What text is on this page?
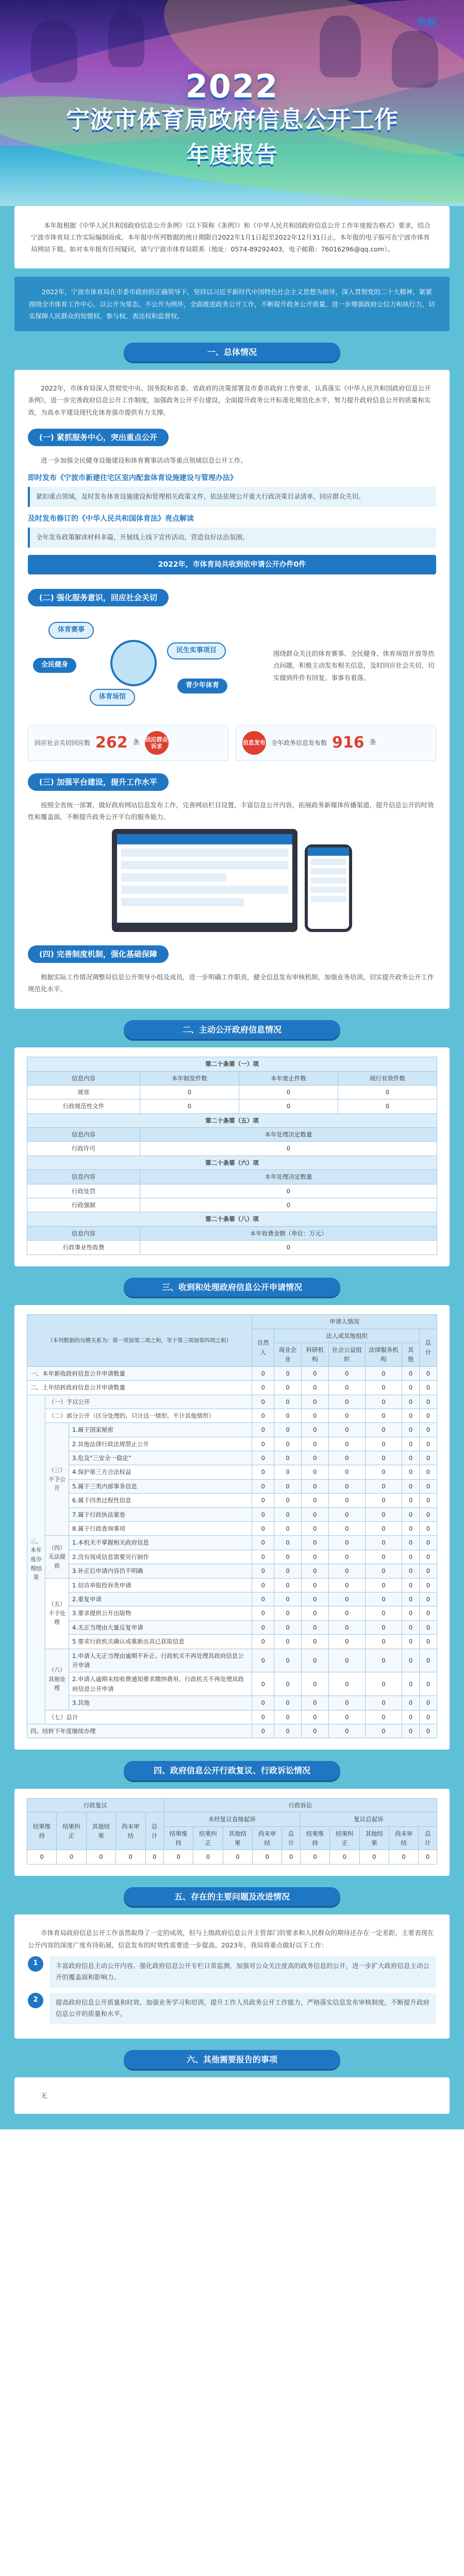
图解
2022
宁波市体育局政府信息公开工作
年度报告
本年报根据《中华人民共和国政府信息公开条例》（以下简称《条例》）和《中华人民共和国政府信息公开工作年度报告格式》要求，结合宁波市体育局工作实际编制而成。本年报中所列数据的统计期限自2022年1月1日起至2022年12月31日止。本年报的电子版可在宁波市体育局网站下载。如对本年报有任何疑问，请与宁波市体育局联系（地址：0574-89292403，电子邮箱：76016296@qq.com）。
2022年，宁波市体育局在市委市政府的正确领导下，坚持以习近平新时代中国特色社会主义思想为指导，深入贯彻党的二十大精神，紧紧围绕全市体育工作中心，以公开为常态、不公开为例外，全面推进政务公开工作，不断提升政务公开质量，进一步增强政府公信力和执行力，切实保障人民群众的知情权、参与权、表达权和监督权。
一、总体情况
2022年，市体育局深入贯彻党中央、国务院和省委、省政府的决策部署及市委市政府工作要求，认真落实《中华人民共和国政府信息公开条例》，进一步完善政府信息公开工作制度，加强政务公开平台建设，全面提升政务公开标准化规范化水平，努力提升政府信息公开的质量和实效，为高水平建设现代化体育强市提供有力支撑。
(一) 紧抓服务中心，突出重点公开
进一步加强全民健身设施建设和体育赛事活动等重点领域信息公开工作。
即时发布《宁波市新建住宅区室内配套体育设施建设与管理办法》
紧扣重点领域，及时发布体育设施建设和管理相关政策文件，依法依规公开重大行政决策目录清单，回应群众关切。
及时发布修订的《中华人民共和国体育法》亮点解读
全年发布政策解读材料多篇，开展线上线下宣传活动，营造良好法治氛围。
2022年，市体育局共收到依申请公开办件0件
(二) 强化服务意识，回应社会关切
体育赛事
全民健身
民生实事项目
体育场馆
青少年体育
围绕群众关注的体育赛事、全民健身、体育场馆开放等热点问题，积极主动发布相关信息，及时回应社会关切，切实做到件件有回复、事事有着落。
回应社会关切回应数 262 条 回应群众诉求
信息发布 全年政务信息发布数 916 条
(三) 加强平台建设，提升工作水平
按照全省统一部署，做好政府网站信息发布工作，完善网站栏目设置，丰富信息公开内容，拓展政务新媒体传播渠道，提升信息公开的时效性和覆盖面，不断提升政务公开平台的服务能力。
(四) 完善制度机制，强化基础保障
根据实际工作情况调整局信息公开领导小组及成员，进一步明确工作职责，健全信息发布审核机制，加强业务培训，切实提升政务公开工作规范化水平。
二、主动公开政府信息情况
第二十条第（一）项			
信息内容	本年制发件数	本年废止件数	现行有效件数
规章	0	0	0
行政规范性文件	0	0	0
第二十条第（五）项			
信息内容	本年处理决定数量		
行政许可	0		
第二十条第（六）项			
信息内容	本年处理决定数量		
行政处罚	0		
行政强制	0		
第二十条第（八）项			
信息内容	本年收费金额（单位：万元）		
行政事业性收费	0		
三、收到和处理政府信息公开申请情况
（本列数据的勾稽关系为：第一项加第二项之和，等于第三项加第四项之和）			申请人情况						
			自然人	法人或其他组织					总计
				商业企业	科研机构	社会公益组织	法律服务机构	其他	
一、本年新收政府信息公开申请数量			0	0	0	0	0	0	0
二、上年结转政府信息公开申请数量			0	0	0	0	0	0	0
三、本年度办理结果	（一）予以公开		0	0	0	0	0	0	0
	（二）部分公开（区分处理的，只计这一情形，不计其他情形）		0	0	0	0	0	0	0
	（三）不予公开	1.属于国家秘密	0	0	0	0	0	0	0
		2.其他法律行政法规禁止公开	0	0	0	0	0	0	0
		3.危及“三安全一稳定”	0	0	0	0	0	0	0
		4.保护第三方合法权益	0	0	0	0	0	0	0
		5.属于三类内部事务信息	0	0	0	0	0	0	0
		6.属于四类过程性信息	0	0	0	0	0	0	0
		7.属于行政执法案卷	0	0	0	0	0	0	0
		8.属于行政查询事项	0	0	0	0	0	0	0
	（四）无法提供	1.本机关不掌握相关政府信息	0	0	0	0	0	0	0
		2.没有现成信息需要另行制作	0	0	0	0	0	0	0
		3.补正后申请内容仍不明确	0	0	0	0	0	0	0
	（五）不予处理	1.信访举报投诉类申请	0	0	0	0	0	0	0
		2.重复申请	0	0	0	0	0	0	0
		3.要求提供公开出版物	0	0	0	0	0	0	0
		4.无正当理由大量反复申请	0	0	0	0	0	0	0
		5.要求行政机关确认或重新出具已获取信息	0	0	0	0	0	0	0
	（六）其他处理	1.申请人无正当理由逾期不补正、行政机关不再处理其政府信息公开申请	0	0	0	0	0	0	0
		2.申请人逾期未按收费通知要求缴纳费用、行政机关不再处理其政府信息公开申请	0	0	0	0	0	0	0
		3.其他	0	0	0	0	0	0	0
	（七）总计		0	0	0	0	0	0	0
四、结转下年度继续办理			0	0	0	0	0	0	0
四、政府信息公开行政复议、行政诉讼情况
行政复议					行政诉讼									
结果维持	结果纠正	其他结果	尚未审结	总计	未经复议直接起诉					复议后起诉				
					结果维持	结果纠正	其他结果	尚未审结	总计	结果维持	结果纠正	其他结果	尚未审结	总计
0	0	0	0	0	0	0	0	0	0	0	0	0	0	0
五、存在的主要问题及改进情况
市体育局政府信息公开工作虽然取得了一定的成效，但与上级政府信息公开主管部门的要求和人民群众的期待还存在一定差距，主要表现在公开内容的深度广度有待拓展，信息发布的时效性需要进一步提高。2023年，我局将重点做好以下工作：
1	丰富政府信息主动公开内容。强化政府信息公开专栏日常监测，加强对公众关注度高的政务信息的公开，进一步扩大政府信息主动公开的覆盖面和影响力。
2	提高政府信息公开质量和时效。加强业务学习和培训，提升工作人员政务公开工作能力，严格落实信息发布审核制度，不断提升政府信息公开的质量和水平。
六、其他需要报告的事项
无
